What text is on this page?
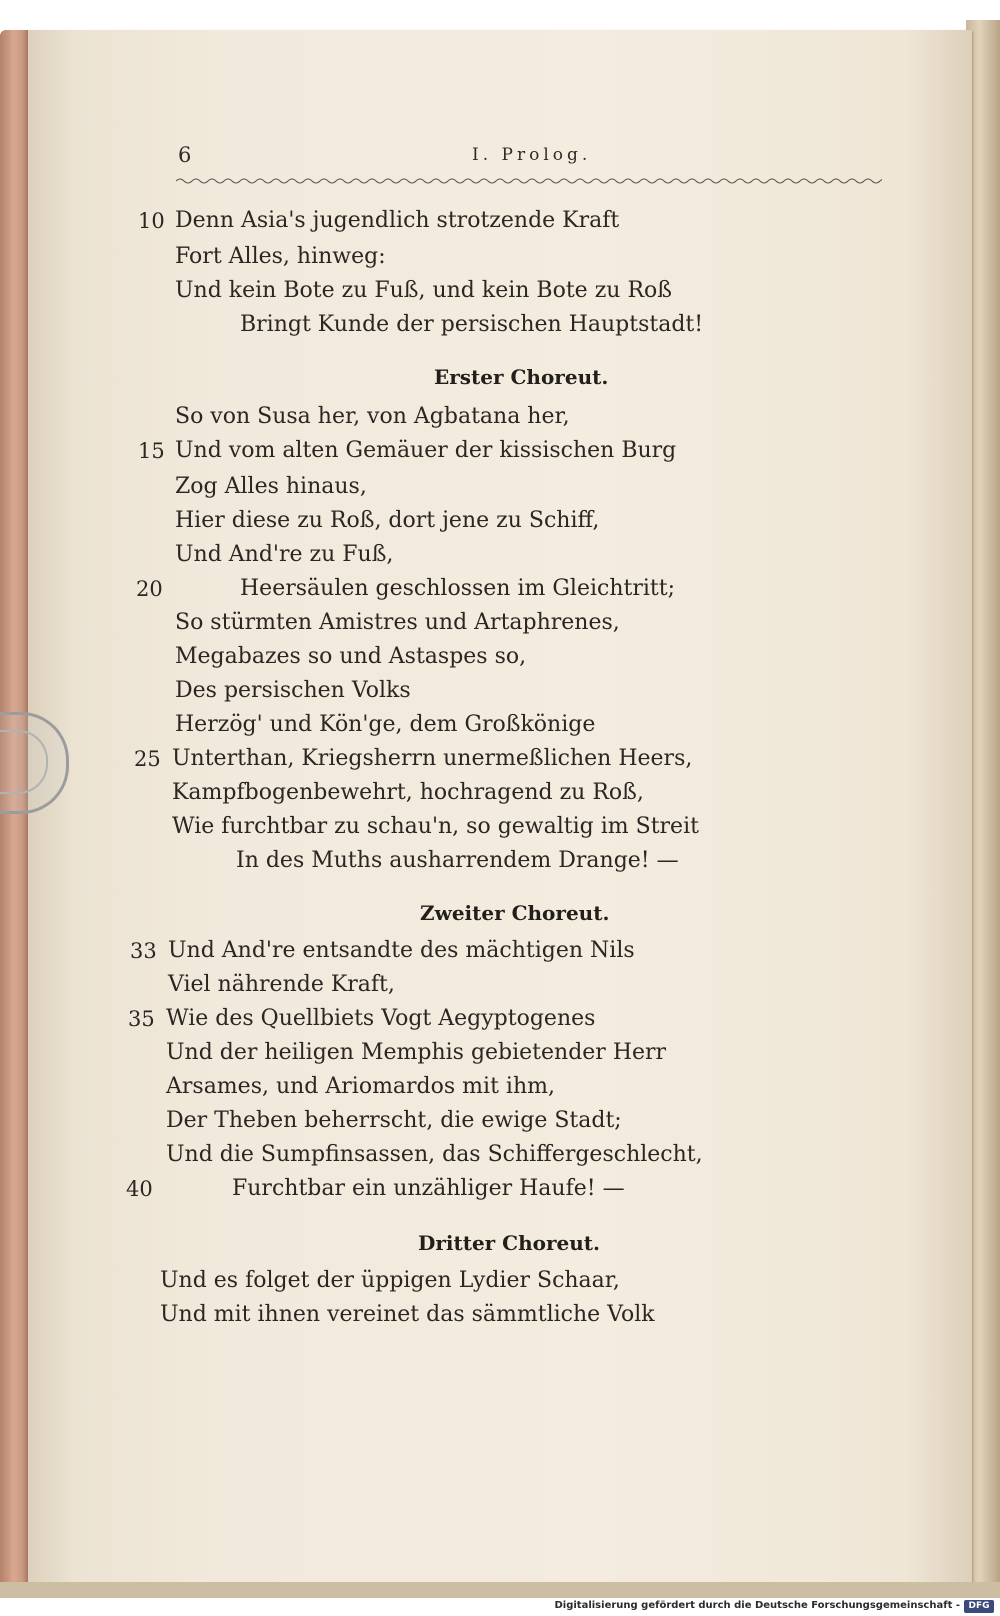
6	I. Prolog.
10 Denn Asia's jugendlich strotzende Kraft
Fort Alles, hinweg:
Und kein Bote zu Fuß, und kein Bote zu Roß
Bringt Kunde der persischen Hauptstadt!
Erster Choreut.
So von Susa her, von Agbatana her,
15 Und vom alten Gemäuer der kissischen Burg
Zog Alles hinaus,
Hier diese zu Roß, dort jene zu Schiff,
Und And're zu Fuß,
20	Heersäulen geschlossen im Gleichtritt;
So stürmten Amistres und Artaphrenes,
Megabazes so und Astaspes so,
Des persischen Volks
Herzög' und Kön'ge, dem Großkönige
25 Unterthan, Kriegsherrn unermeßlichen Heers,
Kampfbogenbewehrt, hochragend zu Roß,
Wie furchtbar zu schau'n, so gewaltig im Streit
In des Muths ausharrendem Drange! —
Zweiter Choreut.
33 Und And're entsandte des mächtigen Nils
Viel nährende Kraft,
35 Wie des Quellbiets Vogt Aegyptogenes
Und der heiligen Memphis gebietender Herr
Arsames, und Ariomardos mit ihm,
Der Theben beherrscht, die ewige Stadt;
Und die Sumpfinsassen, das Schiffergeschlecht,
40	Furchtbar ein unzähliger Haufe! —
Dritter Choreut.
Und es folget der üppigen Lydier Schaar,
Und mit ihnen vereinet das sämmtliche Volk
Digitalisierung gefördert durch die Deutsche Forschungsgemeinschaft - DFG
